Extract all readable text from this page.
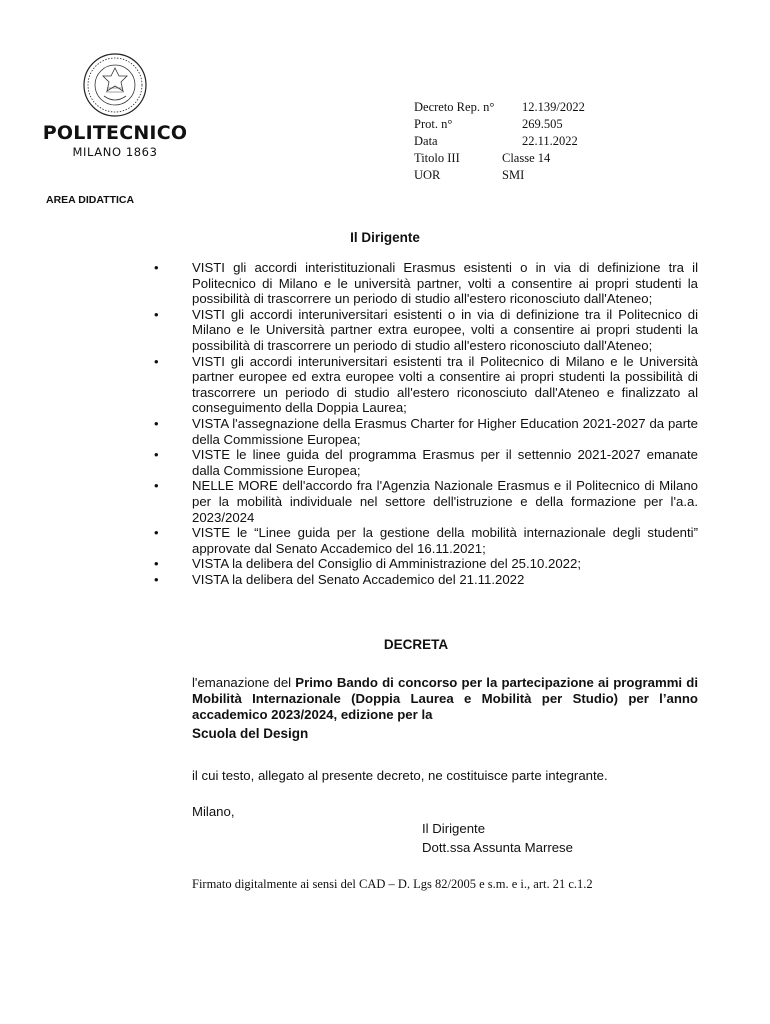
POLITECNICO
MILANO 1863
Decreto Rep. n°	12.139/2022
Prot. n°	269.505
Data	22.11.2022
Titolo III	Classe 14
UOR	SMI
AREA DIDATTICA
Il Dirigente
•	VISTI gli accordi interistituzionali Erasmus esistenti o in via di definizione tra il Politecnico di Milano e le università partner, volti a consentire ai propri studenti la possibilità di trascorrere un periodo di studio all'estero riconosciuto dall'Ateneo;
•	VISTI gli accordi interuniversitari esistenti o in via di definizione tra il Politecnico di Milano e le Università partner extra europee, volti a consentire ai propri studenti la possibilità di trascorrere un periodo di studio all'estero riconosciuto dall'Ateneo;
•	VISTI gli accordi interuniversitari esistenti tra il Politecnico di Milano e le Università partner europee ed extra europee volti a consentire ai propri studenti la possibilità di trascorrere un periodo di studio all'estero riconosciuto dall'Ateneo e finalizzato al conseguimento della Doppia Laurea;
•	VISTA l'assegnazione della Erasmus Charter for Higher Education 2021-2027 da parte della Commissione Europea;
•	VISTE le linee guida del programma Erasmus per il settennio 2021-2027 emanate dalla Commissione Europea;
•	NELLE MORE dell'accordo fra l'Agenzia Nazionale Erasmus e il Politecnico di Milano per la mobilità individuale nel settore dell'istruzione e della formazione per l'a.a. 2023/2024
•	VISTE le “Linee guida per la gestione della mobilità internazionale degli studenti” approvate dal Senato Accademico del 16.11.2021;
•	VISTA la delibera del Consiglio di Amministrazione del 25.10.2022;
•	VISTA la delibera del Senato Accademico del 21.11.2022
DECRETA
l'emanazione del Primo Bando di concorso per la partecipazione ai programmi di Mobilità Internazionale (Doppia Laurea e Mobilità per Studio) per l’anno accademico 2023/2024, edizione per la
Scuola del Design
il cui testo, allegato al presente decreto, ne costituisce parte integrante.
Milano,
Il Dirigente
Dott.ssa Assunta Marrese
Firmato digitalmente ai sensi del CAD – D. Lgs 82/2005 e s.m. e i., art. 21 c.1.2
